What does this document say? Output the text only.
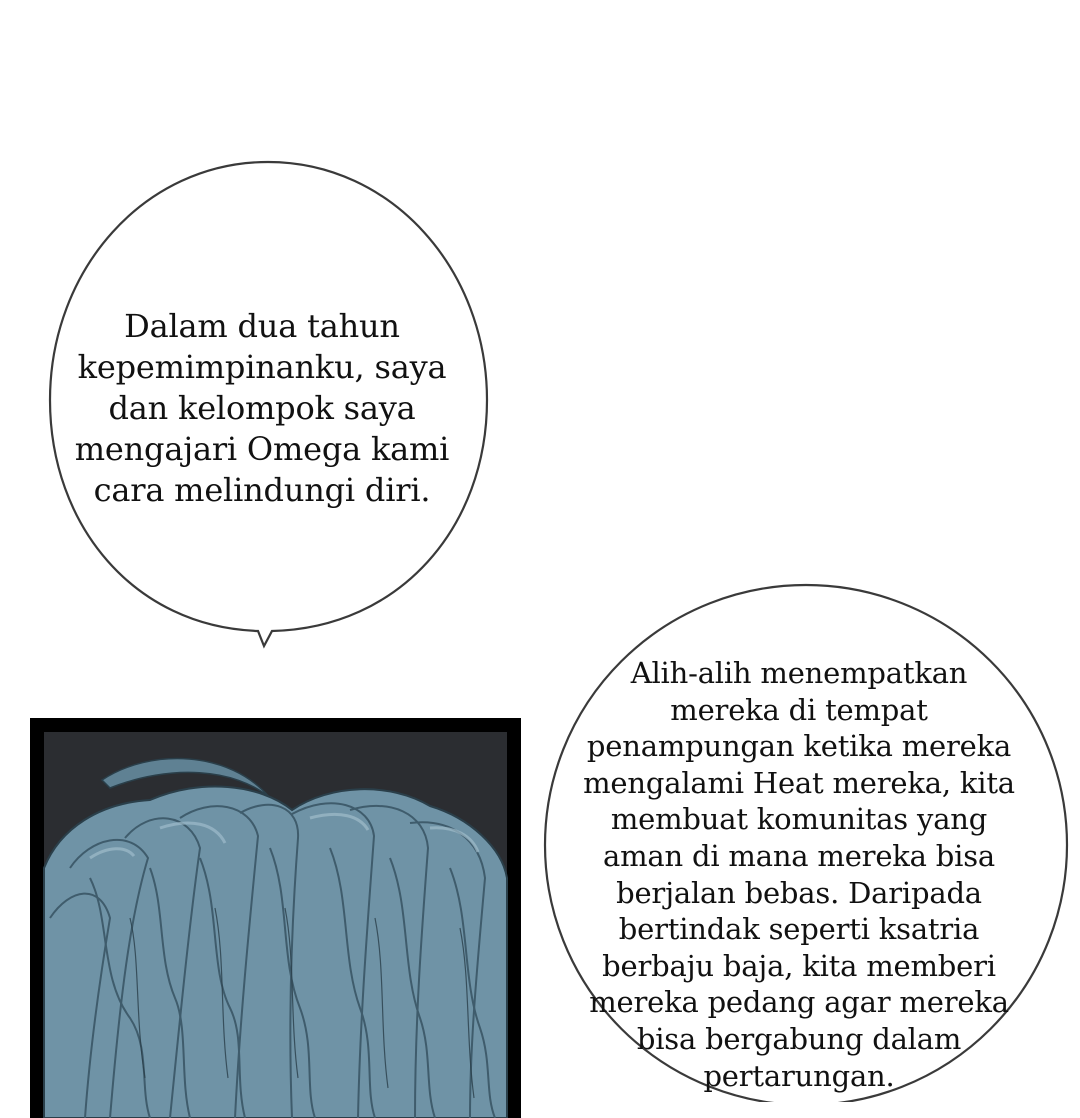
Dalam dua tahun
kepemimpinanku, saya
dan kelompok saya
mengajari Omega kami
cara melindungi diri.
Alih-alih menempatkan
mereka di tempat
penampungan ketika mereka
mengalami Heat mereka, kita
membuat komunitas yang
aman di mana mereka bisa
berjalan bebas. Daripada
bertindak seperti ksatria
berbaju baja, kita memberi
mereka pedang agar mereka
bisa bergabung dalam
pertarungan.
